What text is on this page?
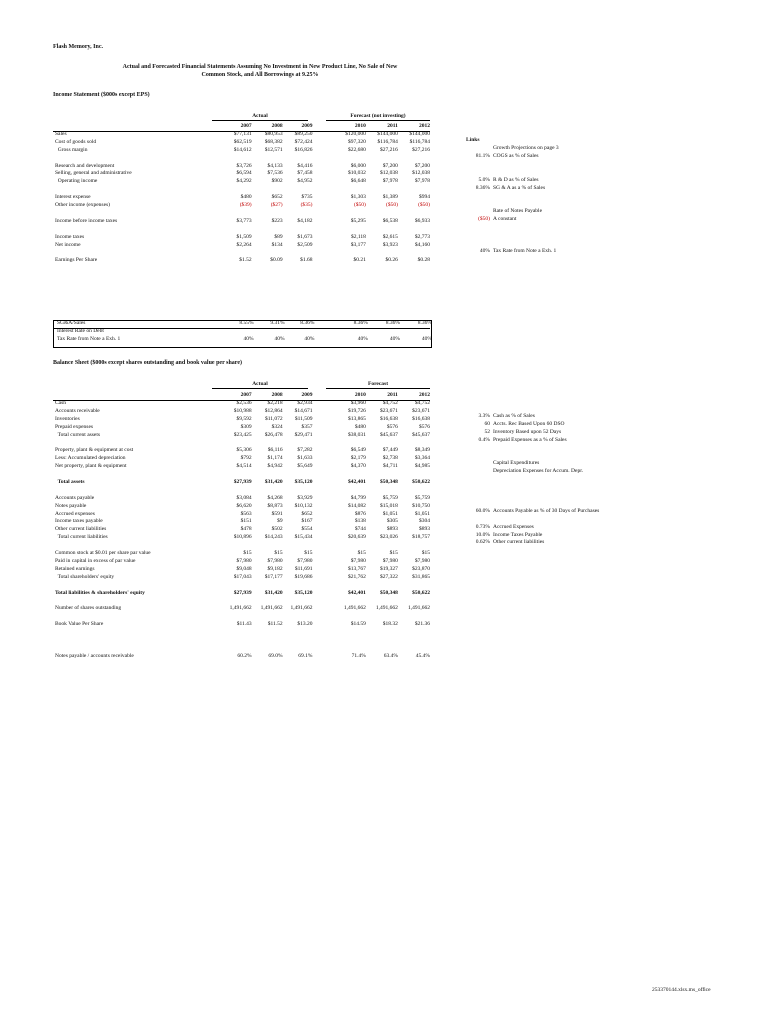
Flash Memory, Inc.
Actual and Forecasted Financial Statements Assuming No Investment in New Product Line, No Sale of New
Common Stock, and All Borrowings at 9.25%
Income Statement ($000s except EPS)
Actual	Forecast (not investing)
Links
	2007	2008	2009	2010	2011	2012
Sales	$77,131	$80,953	$89,250	$120,000	$144,000	$144,000
Cost of goods sold	$62,519	$68,382	$72,424	$97,320	$116,784	$116,784
Gross margin	$14,612	$12,571	$16,826	$22,680	$27,216	$27,216

Research and development	$3,726	$4,133	$4,416	$6,000	$7,200	$7,200
Selling, general and administrative	$6,594	$7,536	$7,458	$10,032	$12,038	$12,038
Operating income	$4,292	$902	$4,952	$6,648	$7,978	$7,978

Interest expense	$480	$652	$735	$1,303	$1,389	$994
Other income (expenses)	($39)	($27)	($35)	($50)	($50)	($50)

Income before income taxes	$3,773	$223	$4,182	$5,295	$6,538	$6,933

Income taxes	$1,509	$89	$1,673	$2,118	$2,615	$2,773
Net income	$2,264	$134	$2,509	$3,177	$3,923	$4,160

Earnings Per Share	$1.52	$0.09	$1.68	$0.21	$0.26	$0.28
Growth Projections on page 3
81.1% COGS as % of Sales
5.0% R & D as % of Sales
8.36% SG & A as a % of Sales
Rate of Notes Payable
($50) A constant
40% Tax Rate from Note a Exh. 1
SG&A/Sales	8.55%	9.31%	8.36%	8.36%	8.36%	8.36%
Interest Rate on Debt						
Tax Rate from Note a Exh. 1	40%	40%	40%	40%	40%	40%
Balance Sheet ($000s except shares outstanding and book value per share)
Actual	Forecast
	2007	2008	2009	2010	2011	2012
Cash	$2,536	$2,218	$2,934	$3,960	$4,752	$4,752
Accounts receivable	$10,988	$12,864	$14,671	$19,726	$23,671	$23,671
Inventories	$9,592	$11,072	$11,509	$13,865	$16,638	$16,638
Prepaid expenses	$309	$324	$357	$480	$576	$576
Total current assets	$23,425	$26,478	$29,471	$38,031	$45,637	$45,637

Property, plant & equipment at cost	$5,306	$6,116	$7,282	$6,549	$7,449	$8,349
Less: Accumulated depreciation	$792	$1,174	$1,633	$2,179	$2,738	$3,364
Net property, plant & equipment	$4,514	$4,942	$5,649	$4,370	$4,711	$4,985

Total assets	$27,939	$31,420	$35,120	$42,401	$50,348	$50,622

Accounts payable	$3,084	$4,268	$3,929	$4,799	$5,759	$5,759
Notes payable	$6,620	$8,873	$10,132	$14,082	$15,018	$10,750
Accrued expenses	$563	$591	$652	$876	$1,051	$1,051
Income taxes payable	$151	$9	$167	$138	$305	$304
Other current liabilities	$478	$502	$554	$744	$893	$893
Total current liabilities	$10,896	$14,243	$15,434	$20,639	$23,026	$18,757

Common stock at $0.01 per share par value	$15	$15	$15	$15	$15	$15
Paid in capital in excess of par value	$7,980	$7,980	$7,980	$7,980	$7,980	$7,980
Retained earnings	$9,048	$9,182	$11,691	$13,767	$19,327	$23,870
Total shareholders' equity	$17,043	$17,177	$19,686	$21,762	$27,322	$31,865

Total liabilities & shareholders' equity	$27,939	$31,420	$35,120	$42,401	$50,348	$50,622

Number of shares outstanding	1,491,662	1,491,662	1,491,662	1,491,662	1,491,662	1,491,662

Book Value Per Share	$11.43	$11.52	$13.20	$14.59	$18.32	$21.36

Notes payable / accounts receivable	60.2%	69.0%	69.1%	71.4%	63.4%	45.4%
3.3% Cash as % of Sales
60 Accts. Rec Based Upon 60 DSO
52 Inventory Based upon 52 Days
0.4% Prepaid Expenses as a % of Sales
Capital Expenditures
Depreciation Expenses for Accum. Depr.
60.0% Accounts Payable as % of 30 Days of Purchases
0.73% Accrued Expenses
10.0% Income Taxes Payable
0.62% Other current liabilities
253370144.xlsx.ms_office
